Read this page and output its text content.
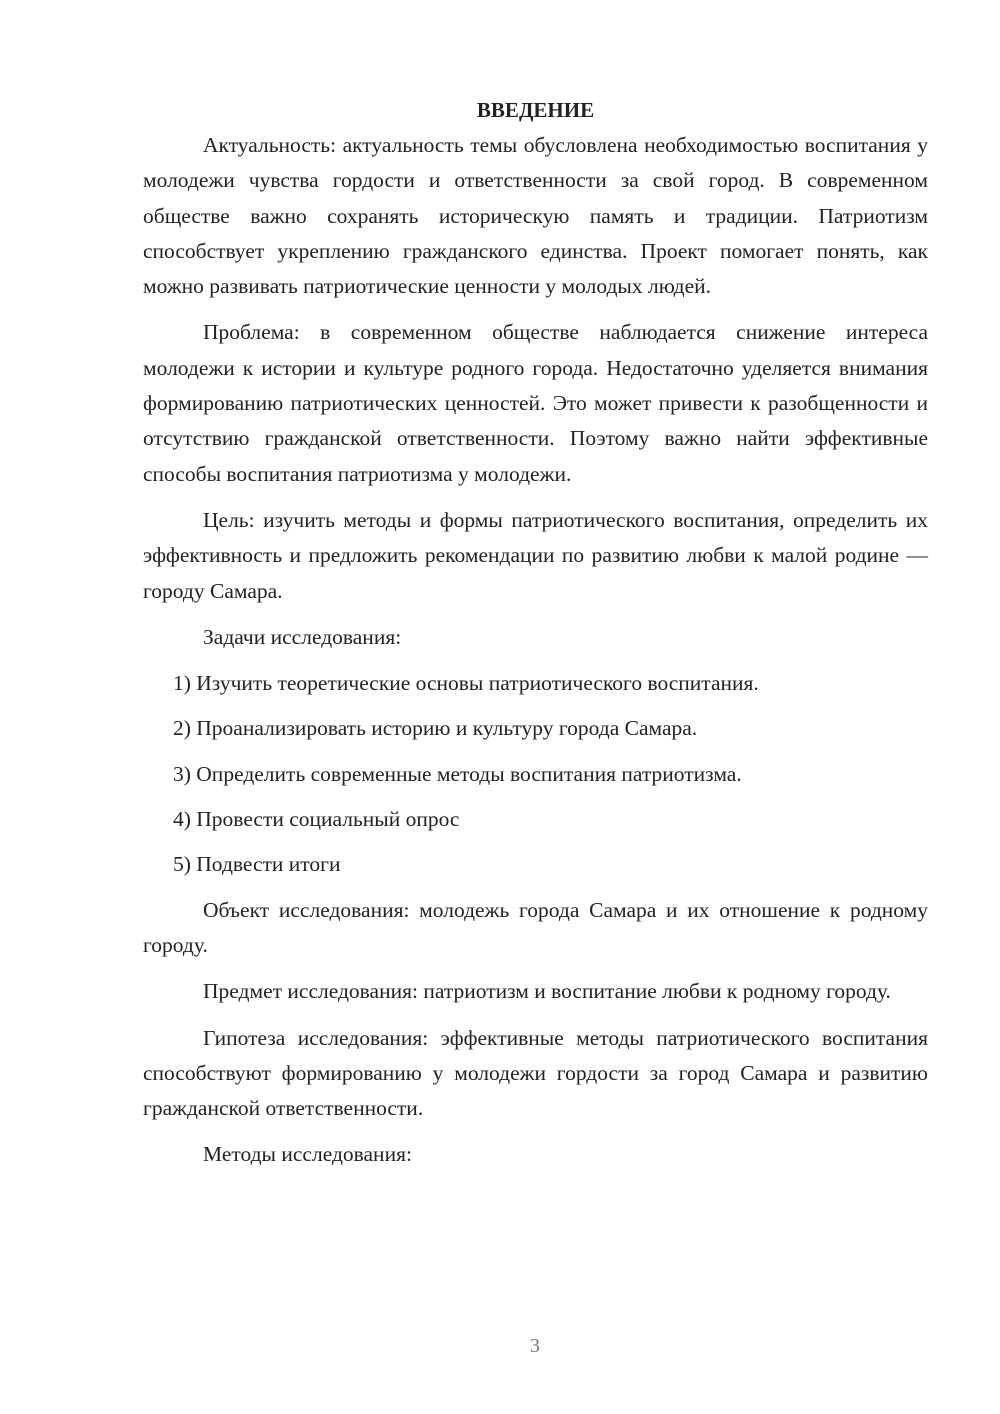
ВВЕДЕНИЕ

Актуальность: актуальность темы обусловлена необходимостью воспитания у молодежи чувства гордости и ответственности за свой город. В современном обществе важно сохранять историческую память и традиции. Патриотизм способствует укреплению гражданского единства. Проект помогает понять, как можно развивать патриотические ценности у молодых людей.

Проблема: в современном обществе наблюдается снижение интереса молодежи к истории и культуре родного города. Недостаточно уделяется внимания формированию патриотических ценностей. Это может привести к разобщенности и отсутствию гражданской ответственности. Поэтому важно найти эффективные способы воспитания патриотизма у молодежи.

Цель: изучить методы и формы патриотического воспитания, определить их эффективность и предложить рекомендации по развитию любви к малой родине — городу Самара.

Задачи исследования:
1) Изучить теоретические основы патриотического воспитания.
2) Проанализировать историю и культуру города Самара.
3) Определить современные методы воспитания патриотизма.
4) Провести социальный опрос
5) Подвести итоги

Объект исследования: молодежь города Самара и их отношение к родному городу.

Предмет исследования: патриотизм и воспитание любви к родному городу.

Гипотеза исследования: эффективные методы патриотического воспитания способствуют формированию у молодежи гордости за город Самара и развитию гражданской ответственности.

Методы исследования:
3
